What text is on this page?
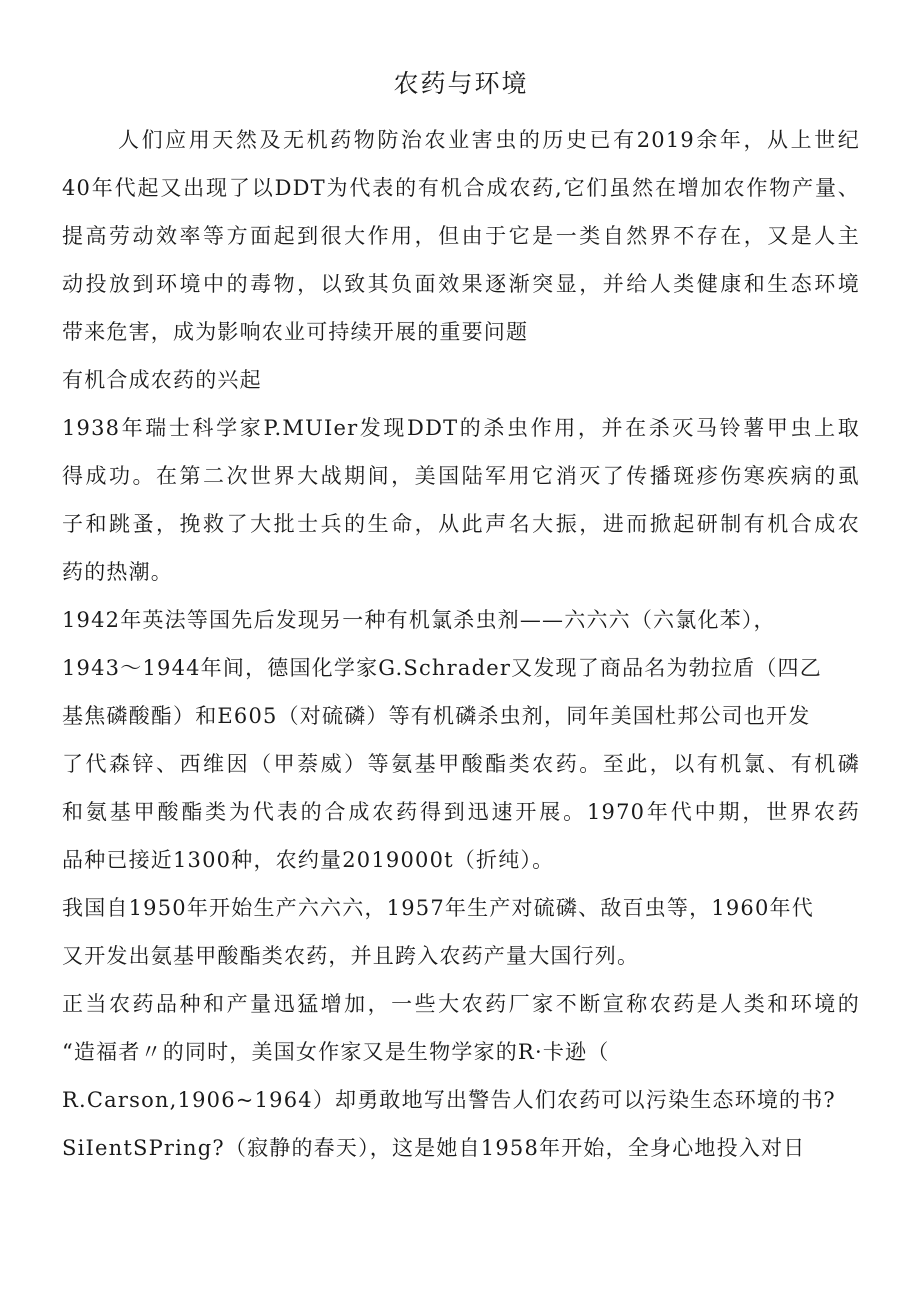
农药与环境

人们应用天然及无机药物防治农业害虫的历史已有2019余年，从上世纪

40年代起又出现了以DDT为代表的有机合成农药,它们虽然在增加农作物产量、

提高劳动效率等方面起到很大作用，但由于它是一类自然界不存在，又是人主

动投放到环境中的毒物，以致其负面效果逐渐突显，并给人类健康和生态环境

带来危害，成为影响农业可持续开展的重要问题

有机合成农药的兴起

1938年瑞士科学家P.MUIer发现DDT的杀虫作用，并在杀灭马铃薯甲虫上取

得成功。在第二次世界大战期间，美国陆军用它消灭了传播斑疹伤寒疾病的虱

子和跳蚤，挽救了大批士兵的生命，从此声名大振，进而掀起研制有机合成农

药的热潮。

1942年英法等国先后发现另一种有机氯杀虫剂——六六六（六氯化苯），

1943～1944年间，德国化学家G.Schrader又发现了商品名为勃拉盾（四乙

基焦磷酸酯）和E605（对硫磷）等有机磷杀虫剂，同年美国杜邦公司也开发

了代森锌、西维因（甲萘威）等氨基甲酸酯类农药。至此，以有机氯、有机磷

和氨基甲酸酯类为代表的合成农药得到迅速开展。1970年代中期，世界农药

品种已接近1300种，农约量2019000t（折纯）。

我国自1950年开始生产六六六，1957年生产对硫磷、敌百虫等，1960年代

又开发出氨基甲酸酯类农药，并且跨入农药产量大国行列。

正当农药品种和产量迅猛增加，一些大农药厂家不断宣称农药是人类和环境的

“造福者〃的同时，美国女作家又是生物学家的R·卡逊（

R.Carson,1906~1964）却勇敢地写出警告人们农药可以污染生态环境的书?

SiIentSPring?（寂静的春天），这是她自1958年开始，全身心地投入对日
